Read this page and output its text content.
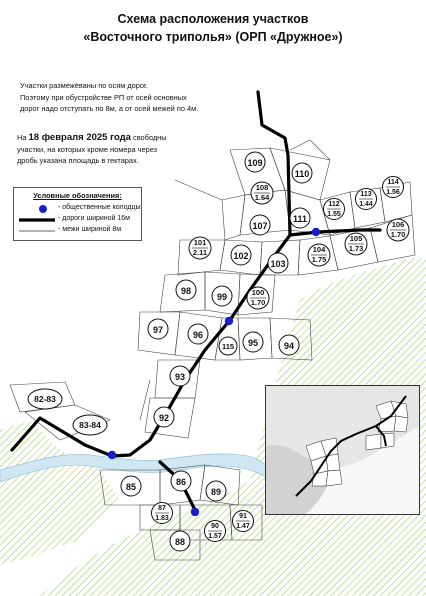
Схема расположения участков
«Восточного триполья» (ОРП «Дружное»)
109
110
108
1.64
107
111
112
1.55
113
1.44
114
1.56
101
2.11	102
103
104
1.75
105
1.73
106
1.70
98
99	100
1.70
97	96
115 95	94
93
92
82-83
83-84
85	86
89
87
1.83
90
1.57
91
1.47
88
Участки размежёваны по осям дорог.
Поэтому при обустройстве РП от осей основных
дорог надо отступать по 8м, а от осей межей по 4м.
На 18 февраля 2025 года свободны
участки, на которых кроме номера через
дробь указана площадь в гектарах.
Условные обозначения:
- общественные колодцы
- дороги шириной 16м
- межи шириной 8м
